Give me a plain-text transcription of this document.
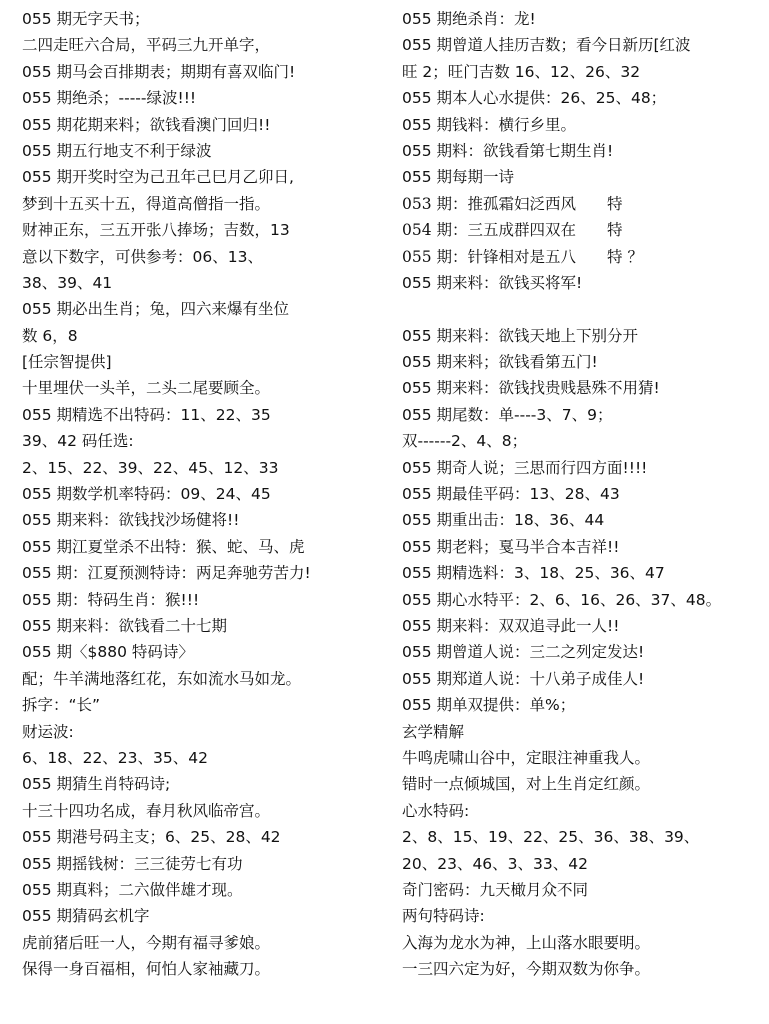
055 期无字天书；
二四走旺六合局，平码三九开单字，
055 期马会百排期表；期期有喜双临门!
055 期绝杀；-----绿波!!!
055 期花期来料；欲钱看澳门回归!!
055 期五行地支不利于绿波
055 期开奖时空为己丑年己巳月乙卯日,
梦到十五买十五，得道高僧指一指。
财神正东，三五开张八捧场；吉数，13
意以下数字，可供参考：06、13、
38、39、41
055 期必出生肖；兔，四六来爆有坐位
数 6，8
[任宗智提供]
十里埋伏一头羊，二头二尾要顾全。
055 期精选不出特码：11、22、35
39、42 码任选:
2、15、22、39、22、45、12、33
055 期数学机率特码：09、24、45
055 期来料：欲钱找沙场健将!!
055 期江夏堂杀不出特：猴、蛇、马、虎
055 期：江夏预测特诗：两足奔驰劳苦力!
055 期：特码生肖：猴!!!
055 期来料：欲钱看二十七期
055 期〈$880 特码诗〉
配；牛羊满地落红花，东如流水马如龙。
拆字：“长”
财运波:
6、18、22、23、35、42
055 期猜生肖特码诗;
十三十四功名成，春月秋风临帝宫。
055 期港号码主支；6、25、28、42
055 期摇钱树：三三徒劳七有功
055 期真料；二六做伴雄才现。
055 期猜码玄机字
虎前猪后旺一人，今期有福寻爹娘。
保得一身百福相，何怕人家袖藏刀。
055 期绝杀肖：龙!
055 期曾道人挂历吉数；看今日新历[红波
旺 2；旺门吉数 16、12、26、32
055 期本人心水提供：26、25、48；
055 期钱料：横行乡里。
055 期料：欲钱看第七期生肖!
055 期每期一诗
053 期：推孤霜妇泛西风　　特
054 期：三五成群四双在　　特
055 期：针锋相对是五八　　特 ？
055 期来料：欲钱买将军!
055 期来料：欲钱天地上下别分开
055 期来料；欲钱看第五门!
055 期来料：欲钱找贵贱悬殊不用猜!
055 期尾数：单----3、7、9；
双------2、4、8；
055 期奇人说；三思而行四方面!!!!
055 期最佳平码：13、28、43
055 期重出击：18、36、44
055 期老料；戛马半合本吉祥!!
055 期精选料：3、18、25、36、47
055 期心水特平：2、6、16、26、37、48。
055 期来料：双双追寻此一人!!
055 期曾道人说：三二之列定发达!
055 期郑道人说：十八弟子成佳人!
055 期单双提供：单%；
玄学精解
牛鸣虎啸山谷中，定眼注神重我人。
错时一点倾城国，对上生肖定红颜。
心水特码:
2、8、15、19、22、25、36、38、39、
20、23、46、3、33、42
奇门密码：九天橄月众不同
两句特码诗:
入海为龙水为神，上山落水眼要明。
一三四六定为好，今期双数为你争。
